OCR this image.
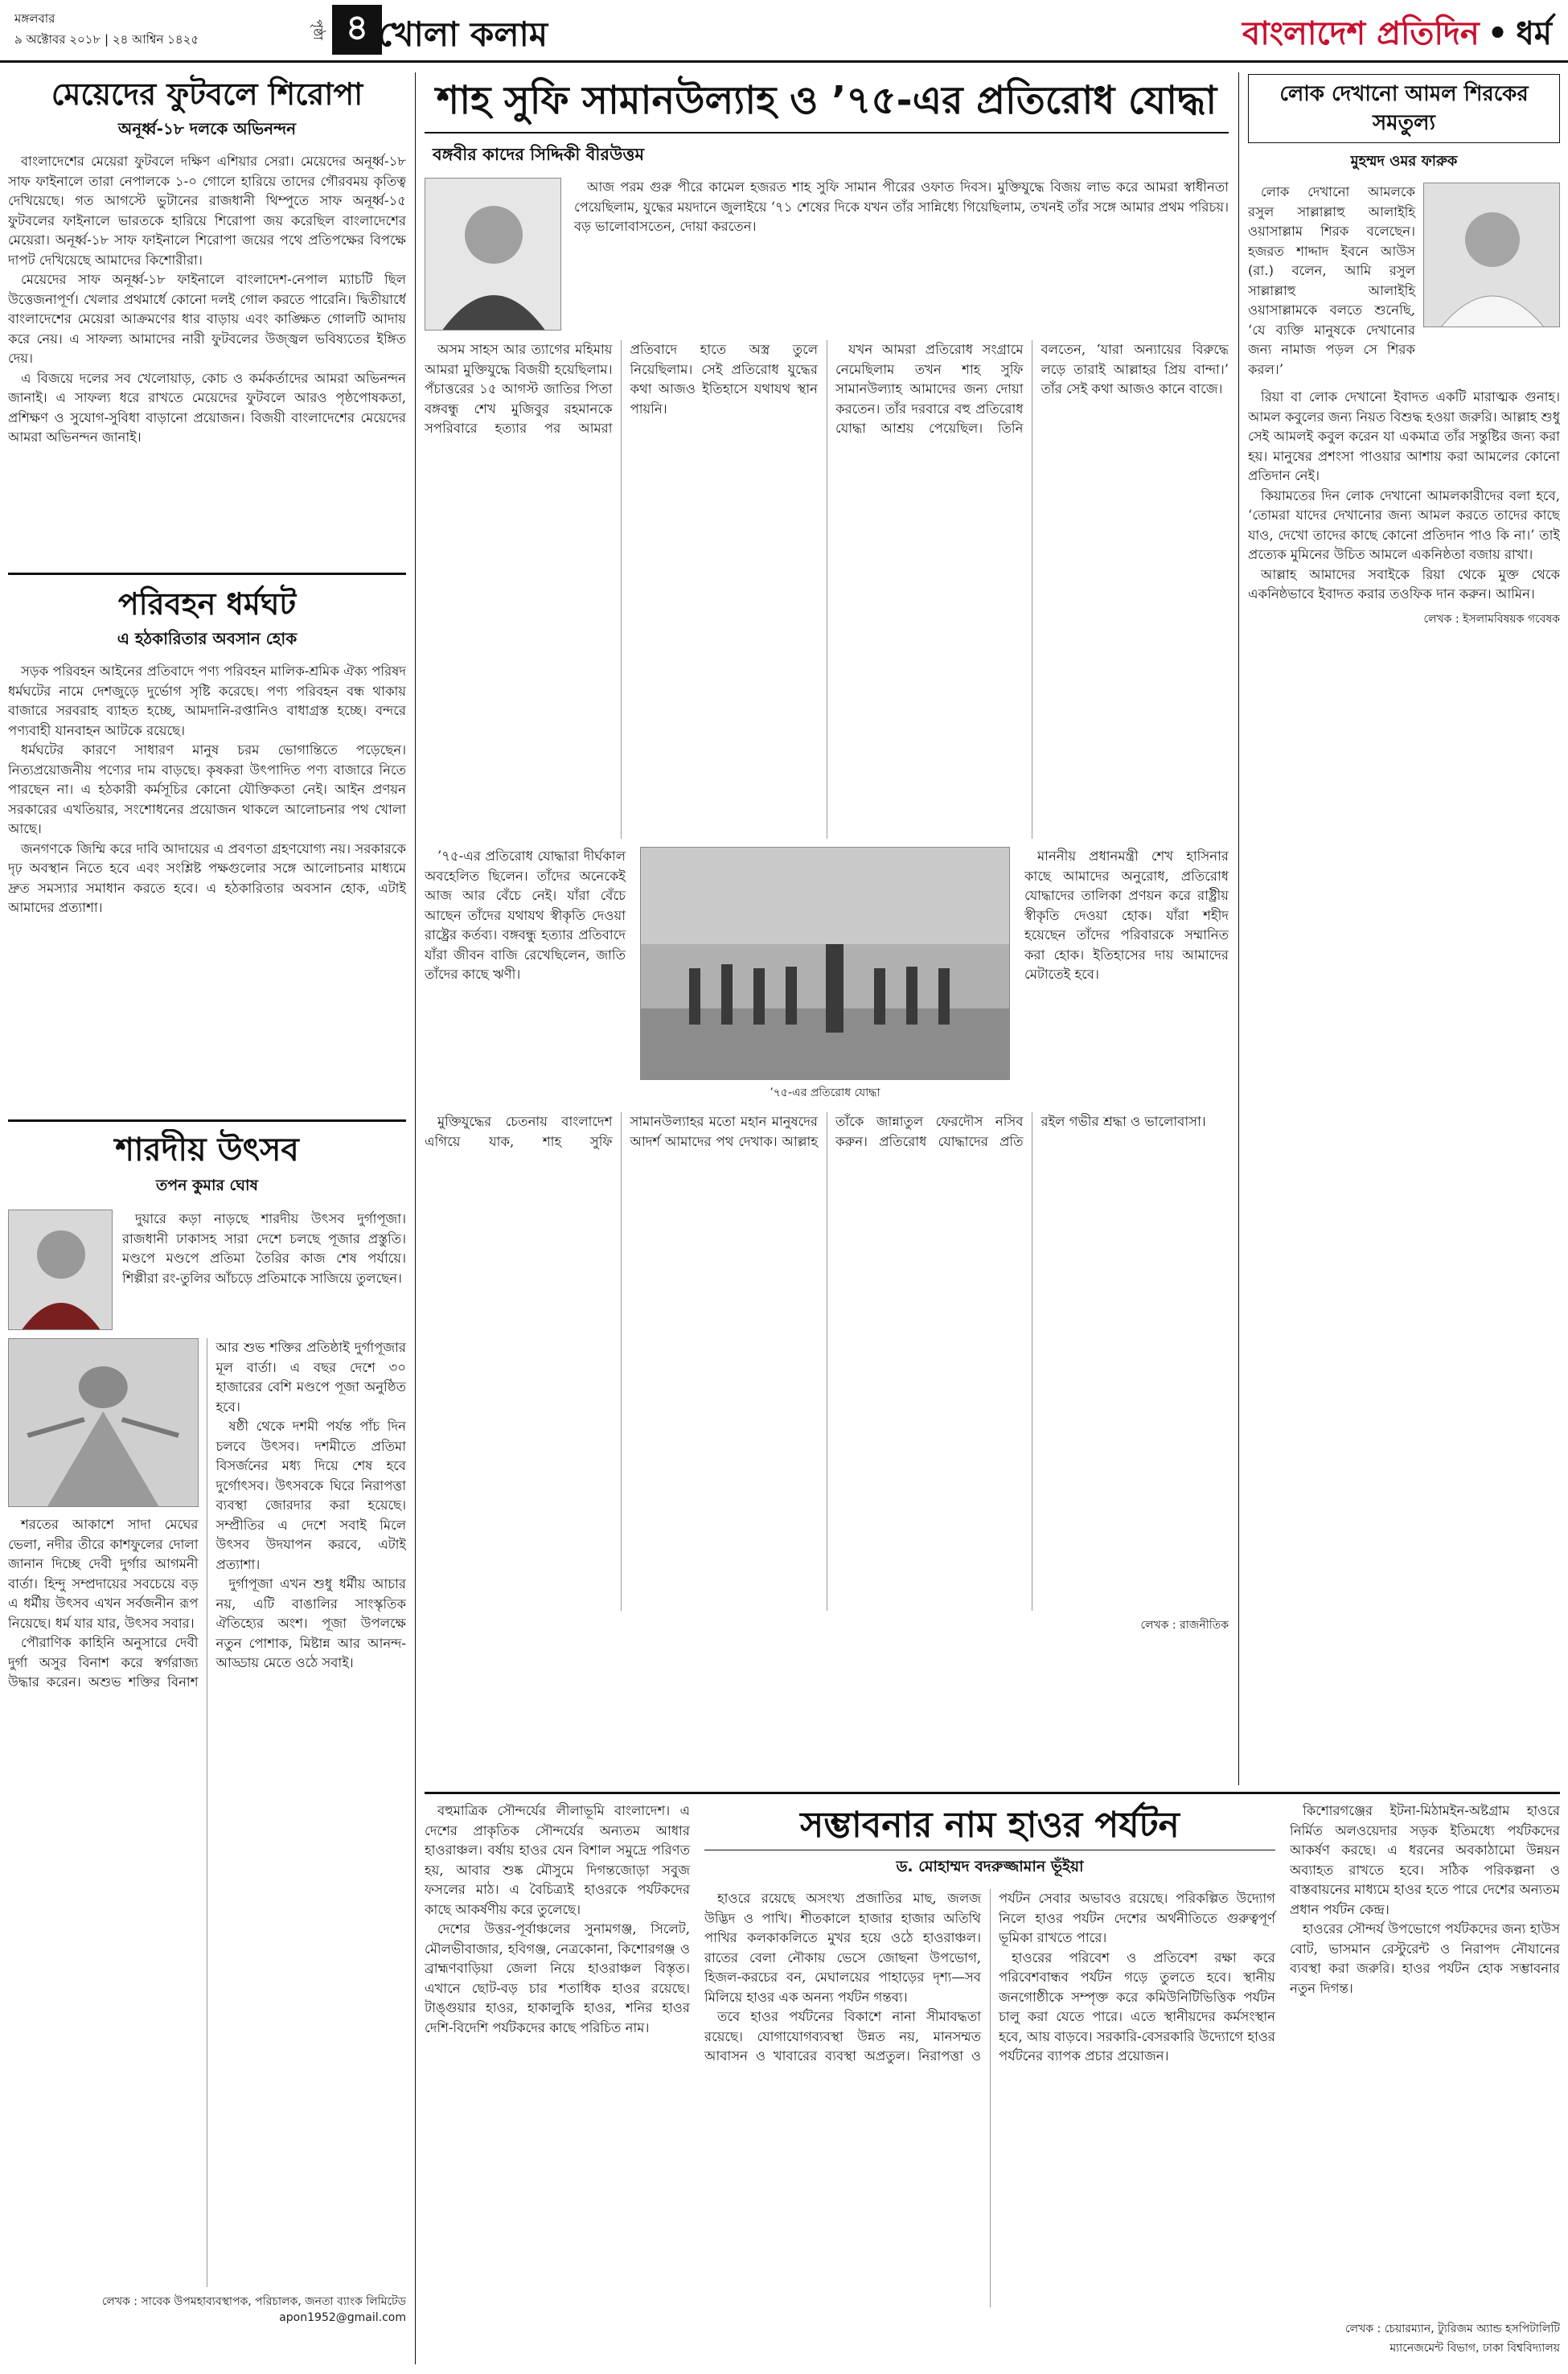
মঙ্গলবার
৯ অক্টোবর ২০১৮ | ২৪ আশ্বিন ১৪২৫	পৃষ্ঠা ৪ খোলা কলাম	বাংলাদেশ প্রতিদিন • ধর্ম
মেয়েদের ফুটবলে শিরোপা
অনূর্ধ্ব-১৮ দলকে অভিনন্দন

বাংলাদেশের মেয়েরা ফুটবলে দক্ষিণ এশিয়ার সেরা। মেয়েদের অনূর্ধ্ব-১৮ সাফ ফাইনালে তারা নেপালকে ১-০ গোলে হারিয়ে তাদের গৌরবময় কৃতিত্ব দেখিয়েছে। গত আগস্টে ভুটানের রাজধানী থিম্পুতে সাফ অনূর্ধ্ব-১৫ ফুটবলের ফাইনালে ভারতকে হারিয়ে শিরোপা জয় করেছিল বাংলাদেশের মেয়েরা। অনূর্ধ্ব-১৮ সাফ ফাইনালে শিরোপা জয়ের পথে প্রতিপক্ষের বিপক্ষে দাপট দেখিয়েছে আমাদের কিশোরীরা।

মেয়েদের সাফ অনূর্ধ্ব-১৮ ফাইনালে বাংলাদেশ-নেপাল ম্যাচটি ছিল উত্তেজনাপূর্ণ। খেলার প্রথমার্ধে কোনো দলই গোল করতে পারেনি। দ্বিতীয়ার্ধে বাংলাদেশের মেয়েরা আক্রমণের ধার বাড়ায় এবং কাঙ্ক্ষিত গোলটি আদায় করে নেয়। এ সাফল্য আমাদের নারী ফুটবলের উজ্জ্বল ভবিষ্যতের ইঙ্গিত দেয়।

এ বিজয়ে দলের সব খেলোয়াড়, কোচ ও কর্মকর্তাদের আমরা অভিনন্দন জানাই। এ সাফল্য ধরে রাখতে মেয়েদের ফুটবলে আরও পৃষ্ঠপোষকতা, প্রশিক্ষণ ও সুযোগ-সুবিধা বাড়ানো প্রয়োজন। বিজয়ী বাংলাদেশের মেয়েদের আমরা অভিনন্দন জানাই।

পরিবহন ধর্মঘট
এ হঠকারিতার অবসান হোক

সড়ক পরিবহন আইনের প্রতিবাদে পণ্য পরিবহন মালিক-শ্রমিক ঐক্য পরিষদ ধর্মঘটের নামে দেশজুড়ে দুর্ভোগ সৃষ্টি করেছে। পণ্য পরিবহন বন্ধ থাকায় বাজারে সরবরাহ ব্যাহত হচ্ছে, আমদানি-রপ্তানিও বাধাগ্রস্ত হচ্ছে। বন্দরে পণ্যবাহী যানবাহন আটকে রয়েছে।

ধর্মঘটের কারণে সাধারণ মানুষ চরম ভোগান্তিতে পড়েছেন। নিত্যপ্রয়োজনীয় পণ্যের দাম বাড়ছে। কৃষকরা উৎপাদিত পণ্য বাজারে নিতে পারছেন না। এ হঠকারী কর্মসূচির কোনো যৌক্তিকতা নেই। আইন প্রণয়ন সরকারের এখতিয়ার, সংশোধনের প্রয়োজন থাকলে আলোচনার পথ খোলা আছে।

জনগণকে জিম্মি করে দাবি আদায়ের এ প্রবণতা গ্রহণযোগ্য নয়। সরকারকে দৃঢ় অবস্থান নিতে হবে এবং সংশ্লিষ্ট পক্ষগুলোর সঙ্গে আলোচনার মাধ্যমে দ্রুত সমস্যার সমাধান করতে হবে। এ হঠকারিতার অবসান হোক, এটাই আমাদের প্রত্যাশা।

শারদীয় উৎসব
তপন কুমার ঘোষ

দুয়ারে কড়া নাড়ছে শারদীয় উৎসব দুর্গাপূজা। রাজধানী ঢাকাসহ সারা দেশে চলছে পূজার প্রস্তুতি। মণ্ডপে মণ্ডপে প্রতিমা তৈরির কাজ শেষ পর্যায়ে। শিল্পীরা রং-তুলির আঁচড়ে প্রতিমাকে সাজিয়ে তুলছেন।

শরতের আকাশে সাদা মেঘের ভেলা, নদীর তীরে কাশফুলের দোলা জানান দিচ্ছে দেবী দুর্গার আগমনী বার্তা। হিন্দু সম্প্রদায়ের সবচেয়ে বড় এ ধর্মীয় উৎসব এখন সর্বজনীন রূপ নিয়েছে। ধর্ম যার যার, উৎসব সবার।

পৌরাণিক কাহিনি অনুসারে দেবী দুর্গা অসুর বিনাশ করে স্বর্গরাজ্য উদ্ধার করেন। অশুভ শক্তির বিনাশ আর শুভ শক্তির প্রতিষ্ঠাই দুর্গাপূজার মূল বার্তা। এ বছর দেশে ৩০ হাজারের বেশি মণ্ডপে পূজা অনুষ্ঠিত হবে।

ষষ্ঠী থেকে দশমী পর্যন্ত পাঁচ দিন চলবে উৎসব। দশমীতে প্রতিমা বিসর্জনের মধ্য দিয়ে শেষ হবে দুর্গোৎসব। উৎসবকে ঘিরে নিরাপত্তা ব্যবস্থা জোরদার করা হয়েছে। সম্প্রীতির এ দেশে সবাই মিলে উৎসব উদযাপন করবে, এটাই প্রত্যাশা।

দুর্গাপূজা এখন শুধু ধর্মীয় আচার নয়, এটি বাঙালির সাংস্কৃতিক ঐতিহ্যের অংশ। পূজা উপলক্ষে নতুন পোশাক, মিষ্টান্ন আর আনন্দ-আড্ডায় মেতে ওঠে সবাই।

লেখক : সাবেক উপমহাব্যবস্থাপক, পরিচালক, জনতা ব্যাংক লিমিটেড
apon1952@gmail.com
শাহ সুফি সামানউল্যাহ ও ’৭৫-এর প্রতিরোধ যোদ্ধা
বঙ্গবীর কাদের সিদ্দিকী বীরউত্তম

আজ পরম গুরু পীরে কামেল হজরত শাহ সুফি সামান পীরের ওফাত দিবস। মুক্তিযুদ্ধে বিজয় লাভ করে আমরা স্বাধীনতা পেয়েছিলাম, যুদ্ধের ময়দানে জুলাইয়ে ‘৭১ শেষের দিকে যখন তাঁর সান্নিধ্যে গিয়েছিলাম, তখনই তাঁর সঙ্গে আমার প্রথম পরিচয়। বড় ভালোবাসতেন, দোয়া করতেন।

অসম সাহস আর ত্যাগের মহিমায় আমরা মুক্তিযুদ্ধে বিজয়ী হয়েছিলাম। পঁচাত্তরের ১৫ আগস্ট জাতির পিতা বঙ্গবন্ধু শেখ মুজিবুর রহমানকে সপরিবারে হত্যার পর আমরা প্রতিবাদে হাতে অস্ত্র তুলে নিয়েছিলাম। সেই প্রতিরোধ যুদ্ধের কথা আজও ইতিহাসে যথাযথ স্থান পায়নি।

যখন আমরা প্রতিরোধ সংগ্রামে নেমেছিলাম তখন শাহ সুফি সামানউল্যাহ আমাদের জন্য দোয়া করতেন। তাঁর দরবারে বহু প্রতিরোধ যোদ্ধা আশ্রয় পেয়েছিল। তিনি বলতেন, ‘যারা অন্যায়ের বিরুদ্ধে লড়ে তারাই আল্লাহর প্রিয় বান্দা।’ তাঁর সেই কথা আজও কানে বাজে।

’৭৫-এর প্রতিরোধ যোদ্ধারা দীর্ঘকাল অবহেলিত ছিলেন। তাঁদের অনেকেই আজ আর বেঁচে নেই। যাঁরা বেঁচে আছেন তাঁদের যথাযথ স্বীকৃতি দেওয়া রাষ্ট্রের কর্তব্য। বঙ্গবন্ধু হত্যার প্রতিবাদে যাঁরা জীবন বাজি রেখেছিলেন, জাতি তাঁদের কাছে ঋণী।

’৭৫-এর প্রতিরোধ যোদ্ধা

মাননীয় প্রধানমন্ত্রী শেখ হাসিনার কাছে আমাদের অনুরোধ, প্রতিরোধ যোদ্ধাদের তালিকা প্রণয়ন করে রাষ্ট্রীয় স্বীকৃতি দেওয়া হোক। যাঁরা শহীদ হয়েছেন তাঁদের পরিবারকে সম্মানিত করা হোক। ইতিহাসের দায় আমাদের মেটাতেই হবে।

মুক্তিযুদ্ধের চেতনায় বাংলাদেশ এগিয়ে যাক, শাহ সুফি সামানউল্যাহর মতো মহান মানুষদের আদর্শ আমাদের পথ দেখাক। আল্লাহ তাঁকে জান্নাতুল ফেরদৌস নসিব করুন। প্রতিরোধ যোদ্ধাদের প্রতি রইল গভীর শ্রদ্ধা ও ভালোবাসা।

লেখক : রাজনীতিক
লোক দেখানো আমল শিরকের সমতুল্য
মুহম্মদ ওমর ফারুক

লোক দেখানো আমলকে রসুল সাল্লাল্লাহু আলাইহি ওয়াসাল্লাম শিরক বলেছেন। হজরত শাদ্দাদ ইবনে আউস (রা.) বলেন, আমি রসুল সাল্লাল্লাহু আলাইহি ওয়াসাল্লামকে বলতে শুনেছি, ‘যে ব্যক্তি মানুষকে দেখানোর জন্য নামাজ পড়ল সে শিরক করল।’

রিয়া বা লোক দেখানো ইবাদত একটি মারাত্মক গুনাহ। আমল কবুলের জন্য নিয়ত বিশুদ্ধ হওয়া জরুরি। আল্লাহ শুধু সেই আমলই কবুল করেন যা একমাত্র তাঁর সন্তুষ্টির জন্য করা হয়। মানুষের প্রশংসা পাওয়ার আশায় করা আমলের কোনো প্রতিদান নেই।

কিয়ামতের দিন লোক দেখানো আমলকারীদের বলা হবে, ‘তোমরা যাদের দেখানোর জন্য আমল করতে তাদের কাছে যাও, দেখো তাদের কাছে কোনো প্রতিদান পাও কি না।’ তাই প্রত্যেক মুমিনের উচিত আমলে একনিষ্ঠতা বজায় রাখা।

আল্লাহ আমাদের সবাইকে রিয়া থেকে মুক্ত থেকে একনিষ্ঠভাবে ইবাদত করার তওফিক দান করুন। আমিন।

লেখক : ইসলামবিষয়ক গবেষক

বহুমাত্রিক সৌন্দর্যের লীলাভূমি বাংলাদেশ। এ দেশের প্রাকৃতিক সৌন্দর্যের অন্যতম আধার হাওরাঞ্চল। বর্ষায় হাওর যেন বিশাল সমুদ্রে পরিণত হয়, আবার শুষ্ক মৌসুমে দিগন্তজোড়া সবুজ ফসলের মাঠ। এ বৈচিত্র্যই হাওরকে পর্যটকদের কাছে আকর্ষণীয় করে তুলেছে।

দেশের উত্তর-পূর্বাঞ্চলের সুনামগঞ্জ, সিলেট, মৌলভীবাজার, হবিগঞ্জ, নেত্রকোনা, কিশোরগঞ্জ ও ব্রাহ্মণবাড়িয়া জেলা নিয়ে হাওরাঞ্চল বিস্তৃত। এখানে ছোট-বড় চার শতাধিক হাওর রয়েছে। টাঙ্গুয়ার হাওর, হাকালুকি হাওর, শনির হাওর দেশি-বিদেশি পর্যটকদের কাছে পরিচিত নাম।

সম্ভাবনার নাম হাওর পর্যটন
ড. মোহাম্মদ বদরুজ্জামান ভূঁইয়া

হাওরে রয়েছে অসংখ্য প্রজাতির মাছ, জলজ উদ্ভিদ ও পাখি। শীতকালে হাজার হাজার অতিথি পাখির কলকাকলিতে মুখর হয়ে ওঠে হাওরাঞ্চল। রাতের বেলা নৌকায় ভেসে জোছনা উপভোগ, হিজল-করচের বন, মেঘালয়ের পাহাড়ের দৃশ্য—সব মিলিয়ে হাওর এক অনন্য পর্যটন গন্তব্য।

তবে হাওর পর্যটনের বিকাশে নানা সীমাবদ্ধতা রয়েছে। যোগাযোগব্যবস্থা উন্নত নয়, মানসম্মত আবাসন ও খাবারের ব্যবস্থা অপ্রতুল। নিরাপত্তা ও পর্যটন সেবার অভাবও রয়েছে। পরিকল্পিত উদ্যোগ নিলে হাওর পর্যটন দেশের অর্থনীতিতে গুরুত্বপূর্ণ ভূমিকা রাখতে পারে।

হাওরের পরিবেশ ও প্রতিবেশ রক্ষা করে পরিবেশবান্ধব পর্যটন গড়ে তুলতে হবে। স্থানীয় জনগোষ্ঠীকে সম্পৃক্ত করে কমিউনিটিভিত্তিক পর্যটন চালু করা যেতে পারে। এতে স্থানীয়দের কর্মসংস্থান হবে, আয় বাড়বে। সরকারি-বেসরকারি উদ্যোগে হাওর পর্যটনের ব্যাপক প্রচার প্রয়োজন।

কিশোরগঞ্জের ইটনা-মিঠামইন-অষ্টগ্রাম হাওরে নির্মিত অলওয়েদার সড়ক ইতিমধ্যে পর্যটকদের আকর্ষণ করছে। এ ধরনের অবকাঠামো উন্নয়ন অব্যাহত রাখতে হবে। সঠিক পরিকল্পনা ও বাস্তবায়নের মাধ্যমে হাওর হতে পারে দেশের অন্যতম প্রধান পর্যটন কেন্দ্র।

হাওরের সৌন্দর্য উপভোগে পর্যটকদের জন্য হাউস বোট, ভাসমান রেস্টুরেন্ট ও নিরাপদ নৌযানের ব্যবস্থা করা জরুরি। হাওর পর্যটন হোক সম্ভাবনার নতুন দিগন্ত।

লেখক : চেয়ারম্যান, ট্যুরিজম অ্যান্ড হসপিটালিটি ম্যানেজমেন্ট বিভাগ, ঢাকা বিশ্ববিদ্যালয়
